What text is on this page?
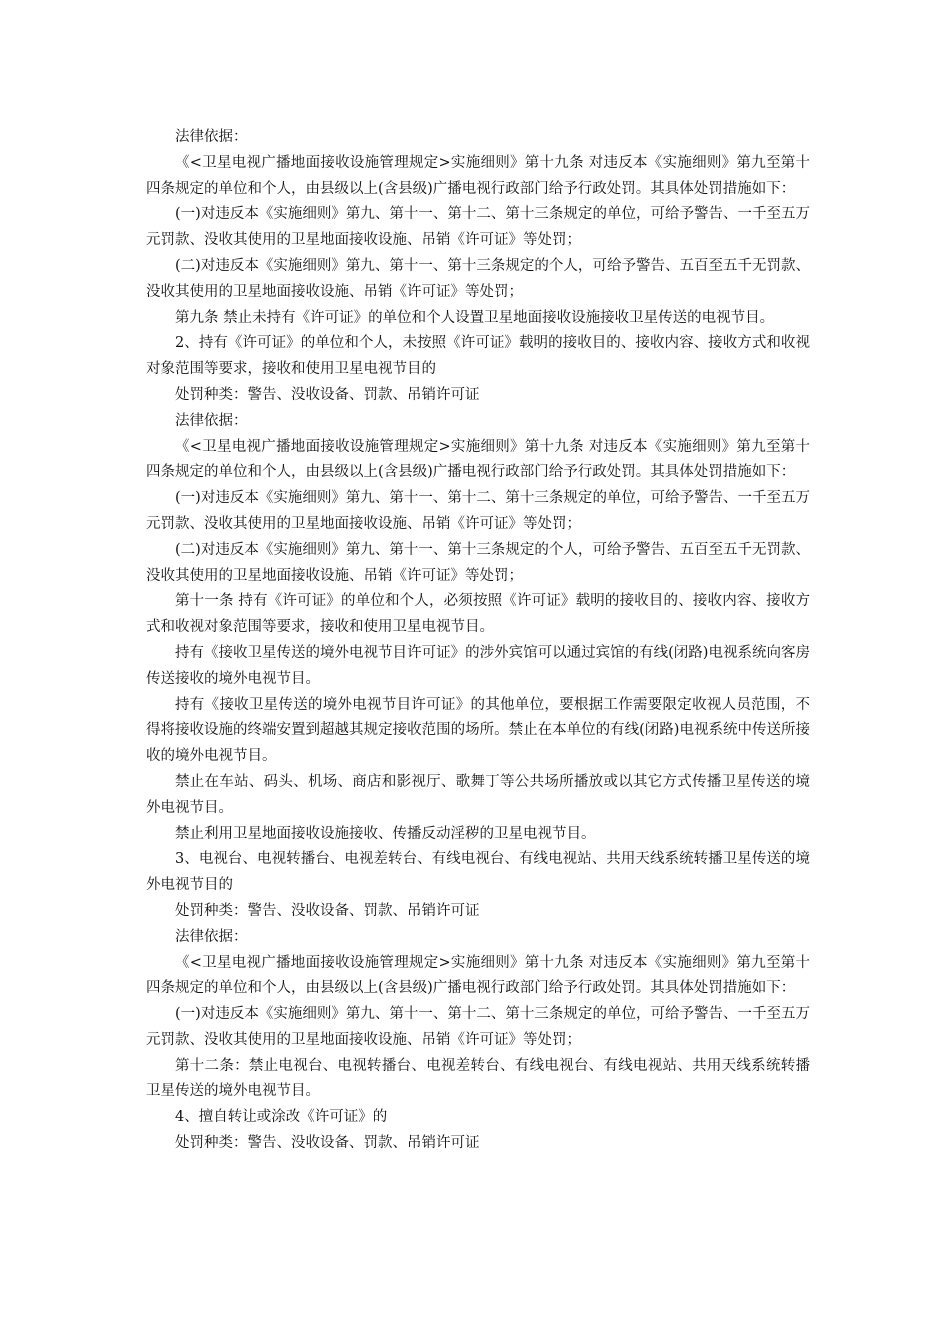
法律依据：

《<卫星电视广播地面接收设施管理规定>实施细则》第十九条 对违反本《实施细则》第九至第十四条规定的单位和个人，由县级以上(含县级)广播电视行政部门给予行政处罚。其具体处罚措施如下：

(一)对违反本《实施细则》第九、第十一、第十二、第十三条规定的单位，可给予警告、一千至五万元罚款、没收其使用的卫星地面接收设施、吊销《许可证》等处罚；

(二)对违反本《实施细则》第九、第十一、第十三条规定的个人，可给予警告、五百至五千无罚款、没收其使用的卫星地面接收设施、吊销《许可证》等处罚；

第九条 禁止未持有《许可证》的单位和个人设置卫星地面接收设施接收卫星传送的电视节目。

2、持有《许可证》的单位和个人，未按照《许可证》载明的接收目的、接收内容、接收方式和收视对象范围等要求，接收和使用卫星电视节目的

处罚种类：警告、没收设备、罚款、吊销许可证

法律依据：

《<卫星电视广播地面接收设施管理规定>实施细则》第十九条 对违反本《实施细则》第九至第十四条规定的单位和个人，由县级以上(含县级)广播电视行政部门给予行政处罚。其具体处罚措施如下：

(一)对违反本《实施细则》第九、第十一、第十二、第十三条规定的单位，可给予警告、一千至五万元罚款、没收其使用的卫星地面接收设施、吊销《许可证》等处罚；

(二)对违反本《实施细则》第九、第十一、第十三条规定的个人，可给予警告、五百至五千无罚款、没收其使用的卫星地面接收设施、吊销《许可证》等处罚；

第十一条 持有《许可证》的单位和个人，必须按照《许可证》载明的接收目的、接收内容、接收方式和收视对象范围等要求，接收和使用卫星电视节目。

持有《接收卫星传送的境外电视节目许可证》的涉外宾馆可以通过宾馆的有线(闭路)电视系统向客房传送接收的境外电视节目。

持有《接收卫星传送的境外电视节目许可证》的其他单位，要根据工作需要限定收视人员范围，不得将接收设施的终端安置到超越其规定接收范围的场所。禁止在本单位的有线(闭路)电视系统中传送所接收的境外电视节目。

禁止在车站、码头、机场、商店和影视厅、歌舞丁等公共场所播放或以其它方式传播卫星传送的境外电视节目。

禁止利用卫星地面接收设施接收、传播反动淫秽的卫星电视节目。

3、电视台、电视转播台、电视差转台、有线电视台、有线电视站、共用天线系统转播卫星传送的境外电视节目的

处罚种类：警告、没收设备、罚款、吊销许可证

法律依据：

《<卫星电视广播地面接收设施管理规定>实施细则》第十九条 对违反本《实施细则》第九至第十四条规定的单位和个人，由县级以上(含县级)广播电视行政部门给予行政处罚。其具体处罚措施如下：

(一)对违反本《实施细则》第九、第十一、第十二、第十三条规定的单位，可给予警告、一千至五万元罚款、没收其使用的卫星地面接收设施、吊销《许可证》等处罚；

第十二条：禁止电视台、电视转播台、电视差转台、有线电视台、有线电视站、共用天线系统转播卫星传送的境外电视节目。

4、擅自转让或涂改《许可证》的

处罚种类：警告、没收设备、罚款、吊销许可证
